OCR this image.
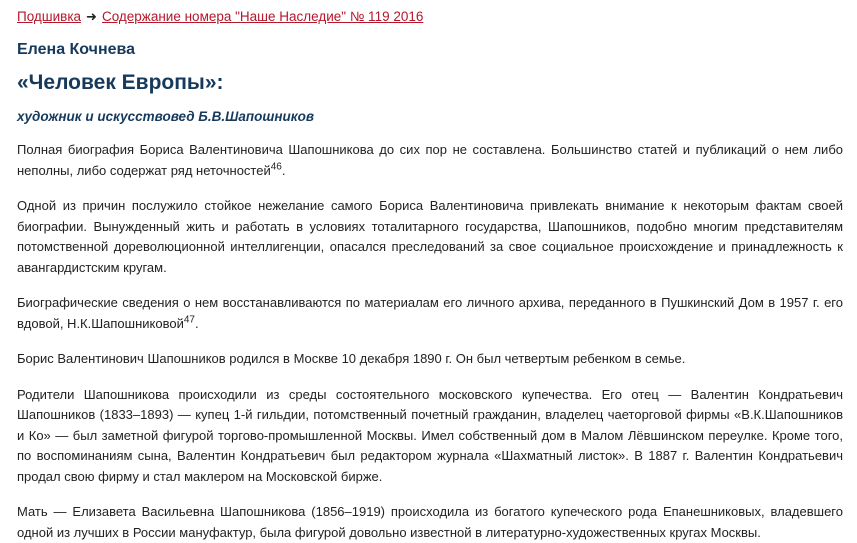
Подшивка ➜ Содержание номера "Наше Наследие" № 119 2016
Елена Кочнева
«Человек Европы»:
художник и искусствовед Б.В.Шапошников

Полная биография Бориса Валентиновича Шапошникова до сих пор не составлена. Большинство статей и публикаций о нем либо неполны, либо содержат ряд неточностей$^{46}$.

Одной из причин послужило стойкое нежелание самого Бориса Валентиновича привлекать внимание к некоторым фактам своей биографии. Вынужденный жить и работать в условиях тоталитарного государства, Шапошников, подобно многим представителям потомственной дореволюционной интеллигенции, опасался преследований за свое социальное происхождение и принадлежность к авангардистским кругам.

Биографические сведения о нем восстанавливаются по материалам его личного архива, переданного в Пушкинский Дом в 1957 г. его вдовой, Н.К.Шапошниковой$^{47}$.

Борис Валентинович Шапошников родился в Москве 10 декабря 1890 г. Он был четвертым ребенком в семье.

Родители Шапошникова происходили из среды состоятельного московского купечества. Его отец — Валентин Кондратьевич Шапошников (1833–1893) — купец 1-й гильдии, потомственный почетный гражданин, владелец чаеторговой фирмы «В.К.Шапошников и Ко» — был заметной фигурой торгово-промышленной Москвы. Имел собственный дом в Малом Лёвшинском переулке. Кроме того, по воспоминаниям сына, Валентин Кондратьевич был редактором журнала «Шахматный листок». В 1887 г. Валентин Кондратьевич продал свою фирму и стал маклером на Московской бирже.

Мать — Елизавета Васильевна Шапошникова (1856–1919) происходила из богатого купеческого рода Епанешниковых, владевшего одной из лучших в России мануфактур, была фигурой довольно известной в литературно-художественных кругах Москвы.
